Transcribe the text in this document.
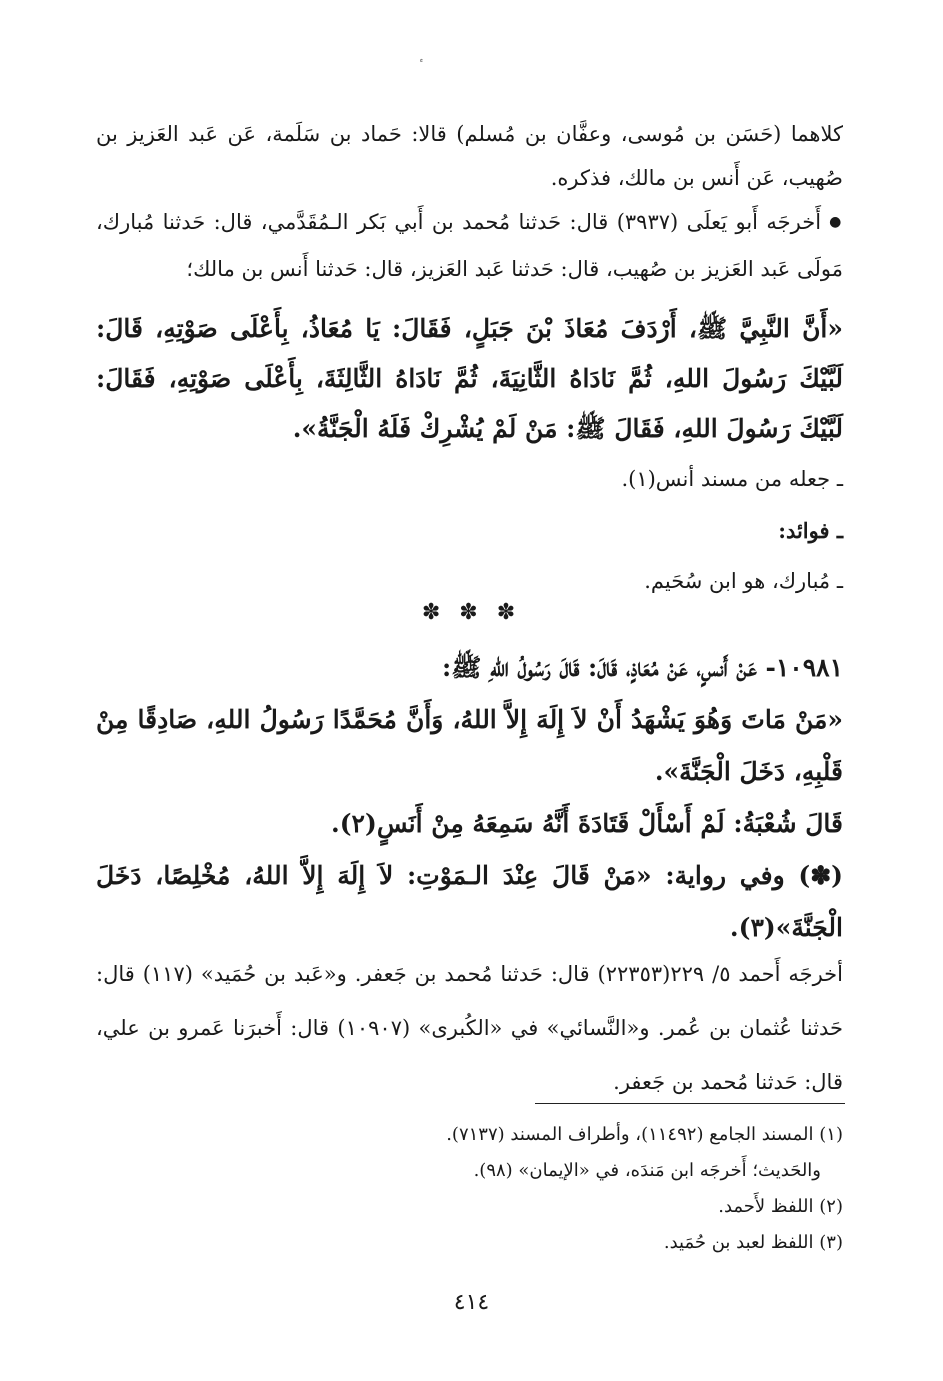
كلاهما (حَسَن بن مُوسى، وعفَّان بن مُسلم) قالا: حَماد بن سَلَمة، عَن عَبد العَزيز بن صُهيب، عَن أَنس بن مالك، فذكره.

● أَخرجَه أَبو يَعلَى (٣٩٣٧) قال: حَدثنا مُحمد بن أَبي بَكر الـمُقَدَّمي، قال: حَدثنا مُبارك، مَولَى عَبد العَزيز بن صُهيب، قال: حَدثنا عَبد العَزيز، قال: حَدثنا أَنس بن مالك؛

«أَنَّ النَّبِيَّ ﷺ، أَرْدَفَ مُعَاذَ بْنَ جَبَلٍ، فَقَالَ: يَا مُعَاذُ، بِأَعْلَى صَوْتِهِ، قَالَ: لَبَّيْكَ رَسُولَ اللهِ، ثُمَّ نَادَاهُ الثَّانِيَةَ، ثُمَّ نَادَاهُ الثَّالِثَةَ، بِأَعْلَى صَوْتِهِ، فَقَالَ: لَبَّيْكَ رَسُولَ اللهِ، فَقَالَ ﷺ: مَنْ لَمْ يُشْرِكْ فَلَهُ الْجَنَّةُ».

ـ جعله من مسند أنس(١).

ـ فوائد:

ـ مُبارك، هو ابن سُحَيم.

✽ ✽ ✽

١٠٩٨١- عَنْ أَنسٍ، عَنْ مُعَاذٍ، قَالَ: قَالَ رَسُولُ اللهِ ﷺ:

«مَنْ مَاتَ وَهُوَ يَشْهَدُ أَنْ لاَ إِلَهَ إِلاَّ اللهُ، وَأَنَّ مُحَمَّدًا رَسُولُ اللهِ، صَادِقًا مِنْ قَلْبِهِ، دَخَلَ الْجَنَّةَ».

قَالَ شُعْبَةُ: لَمْ أَسْأَلْ قَتَادَةَ أَنَّهُ سَمِعَهُ مِنْ أَنَسٍ(٢).

(✽) وفي رواية: «مَنْ قَالَ عِنْدَ الـمَوْتِ: لاَ إِلَهَ إِلاَّ اللهُ، مُخْلِصًا، دَخَلَ الْجَنَّةَ»(٣).

أخرجَه أَحمد ٥/ ٢٢٩(٢٢٣٥٣) قال: حَدثنا مُحمد بن جَعفر. و«عَبد بن حُمَيد» (١١٧) قال: حَدثنا عُثمان بن عُمر. و«النَّسائي» في «الكُبرى» (١٠٩٠٧) قال: أَخبرَنا عَمرو بن علي، قال: حَدثنا مُحمد بن جَعفر.

(١) المسند الجامع (١١٤٩٢)، وأطراف المسند (٧١٣٧).

والحَديث؛ أَخرجَه ابن مَندَه، في «الإيمان» (٩٨).

(٢) اللفظ لأَحمد.

(٣) اللفظ لعبد بن حُمَيد.

٤١٤
